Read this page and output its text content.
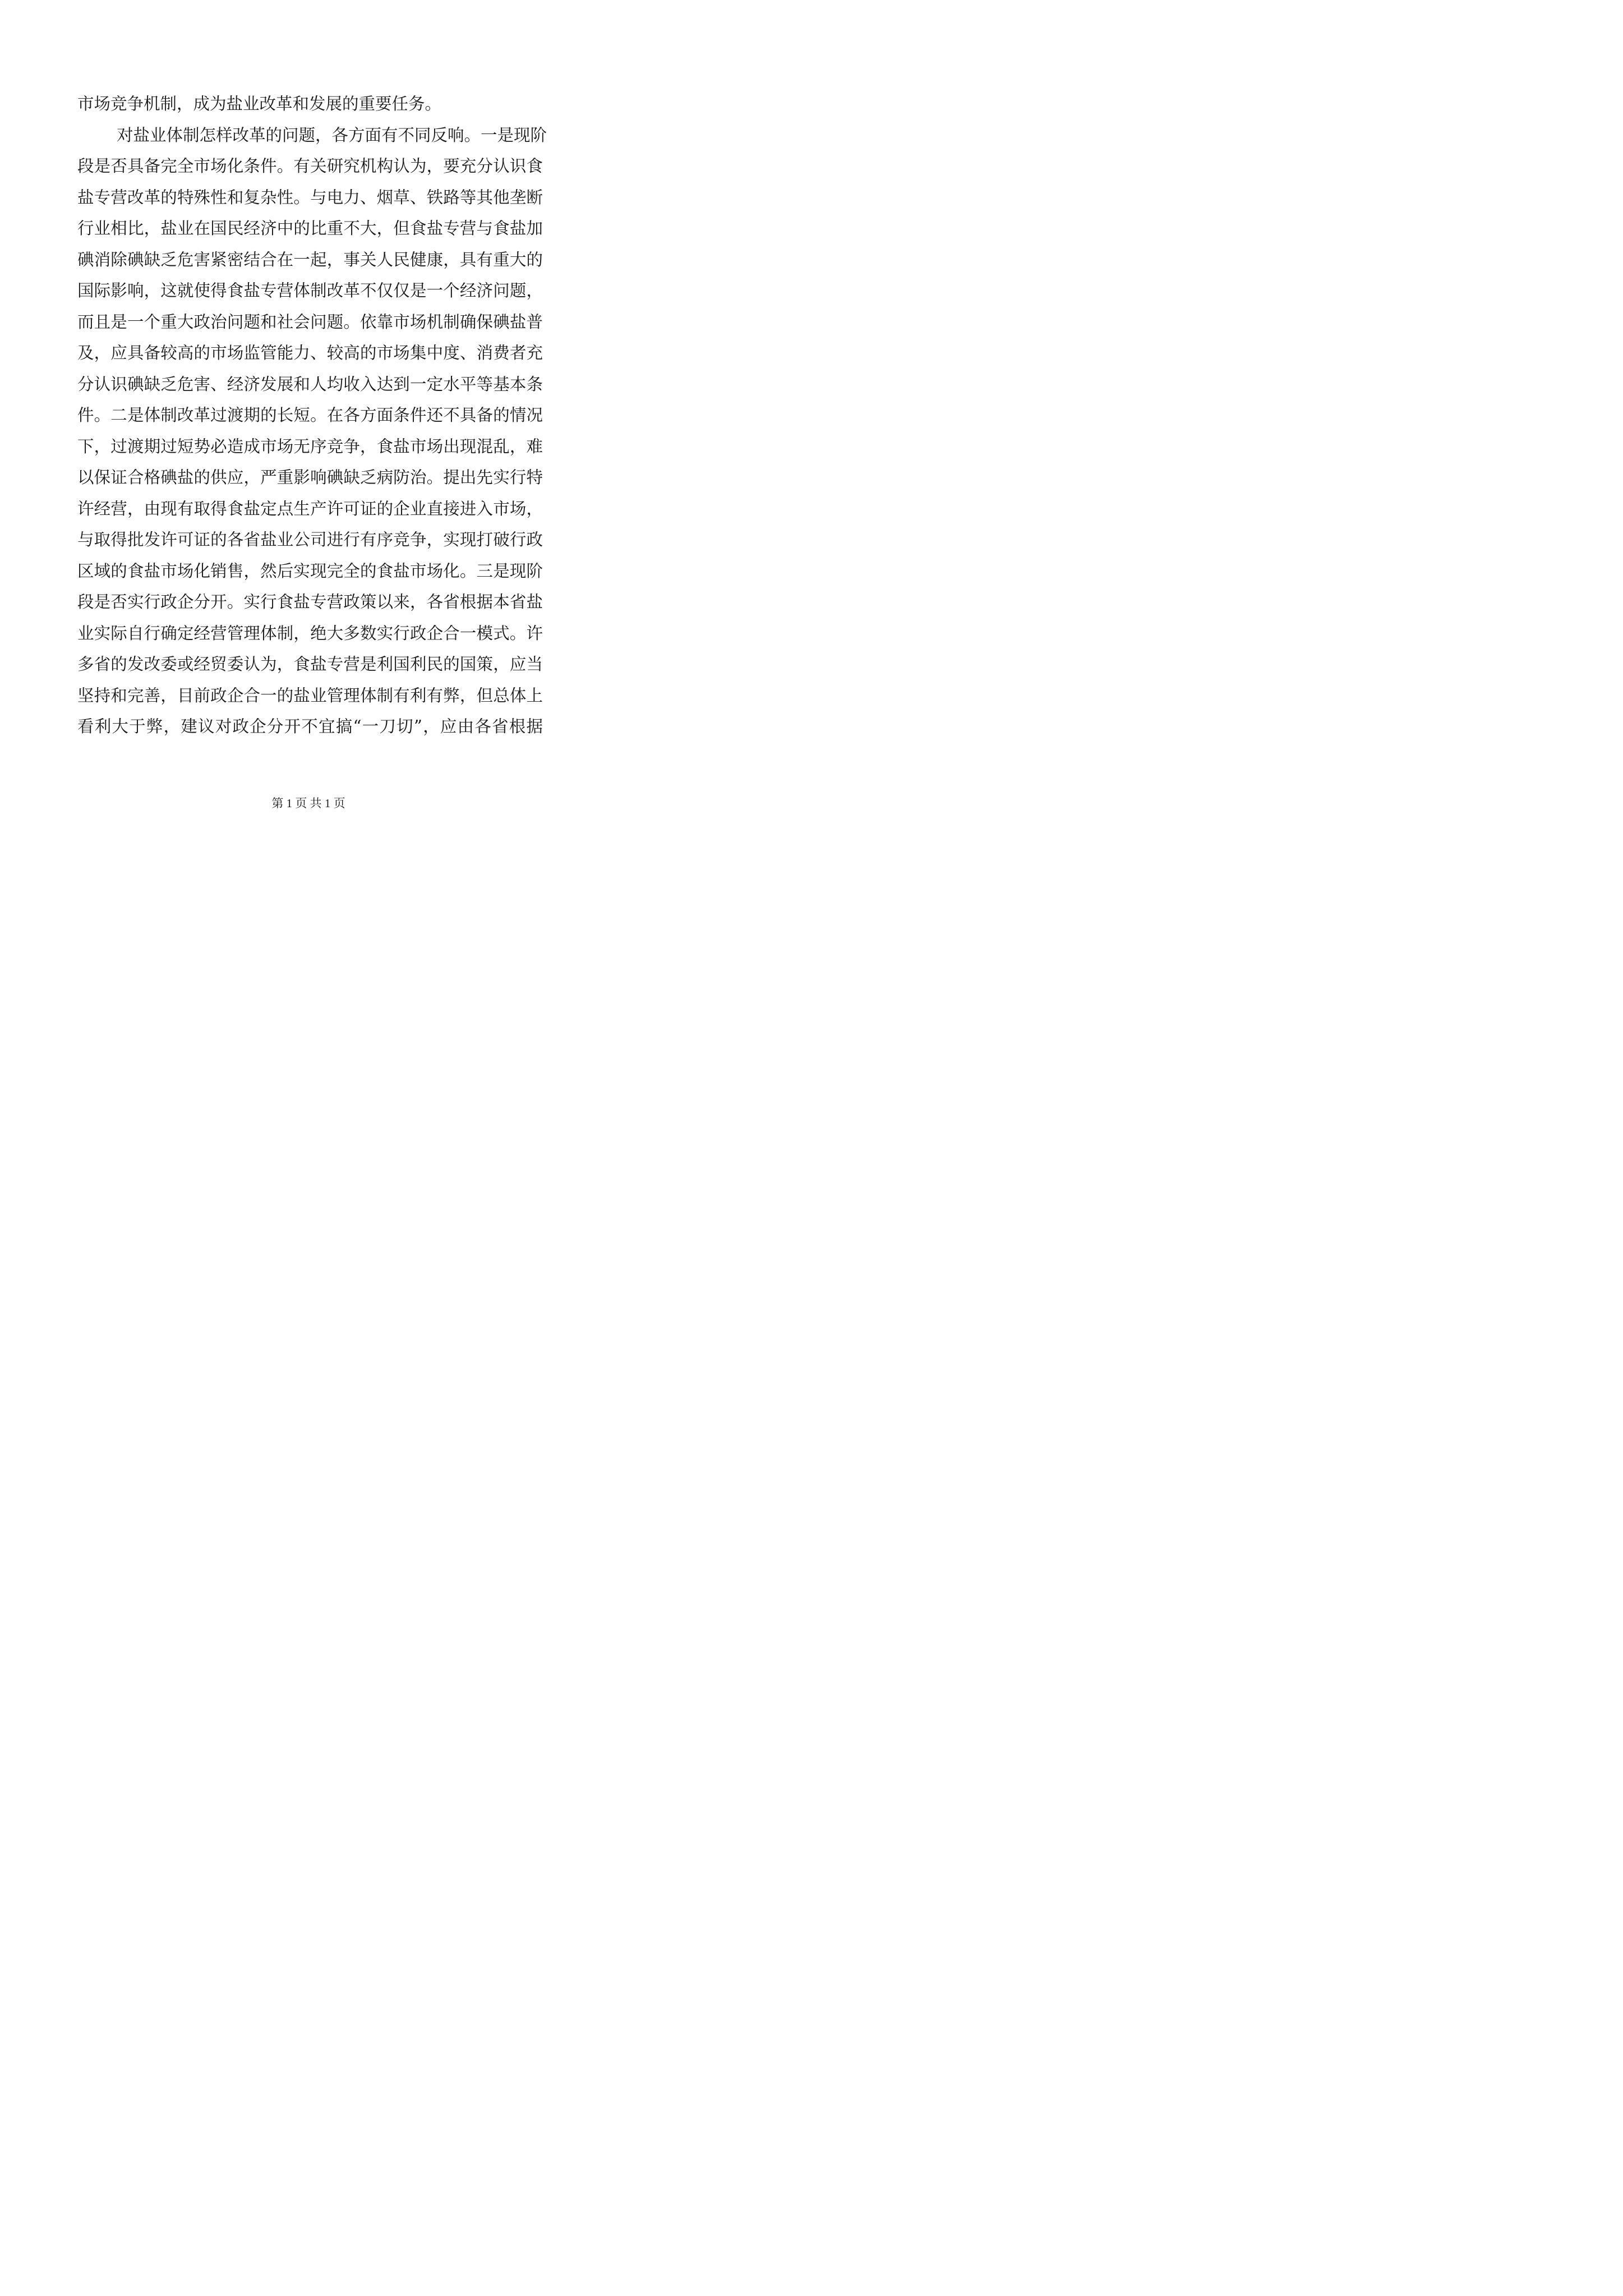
市场竞争机制，成为盐业改革和发展的重要任务。
对盐业体制怎样改革的问题，各方面有不同反响。一是现阶
段是否具备完全市场化条件。有关研究机构认为，要充分认识食
盐专营改革的特殊性和复杂性。与电力、烟草、铁路等其他垄断
行业相比，盐业在国民经济中的比重不大，但食盐专营与食盐加
碘消除碘缺乏危害紧密结合在一起，事关人民健康，具有重大的
国际影响，这就使得食盐专营体制改革不仅仅是一个经济问题，
而且是一个重大政治问题和社会问题。依靠市场机制确保碘盐普
及，应具备较高的市场监管能力、较高的市场集中度、消费者充
分认识碘缺乏危害、经济发展和人均收入达到一定水平等基本条
件。二是体制改革过渡期的长短。在各方面条件还不具备的情况
下，过渡期过短势必造成市场无序竞争，食盐市场出现混乱，难
以保证合格碘盐的供应，严重影响碘缺乏病防治。提出先实行特
许经营，由现有取得食盐定点生产许可证的企业直接进入市场，
与取得批发许可证的各省盐业公司进行有序竞争，实现打破行政
区域的食盐市场化销售，然后实现完全的食盐市场化。三是现阶
段是否实行政企分开。实行食盐专营政策以来，各省根据本省盐
业实际自行确定经营管理体制，绝大多数实行政企合一模式。许
多省的发改委或经贸委认为，食盐专营是利国利民的国策，应当
坚持和完善，目前政企合一的盐业管理体制有利有弊，但总体上
看利大于弊，建议对政企分开不宜搞“一刀切”，应由各省根据
第 1 页 共 1 页
